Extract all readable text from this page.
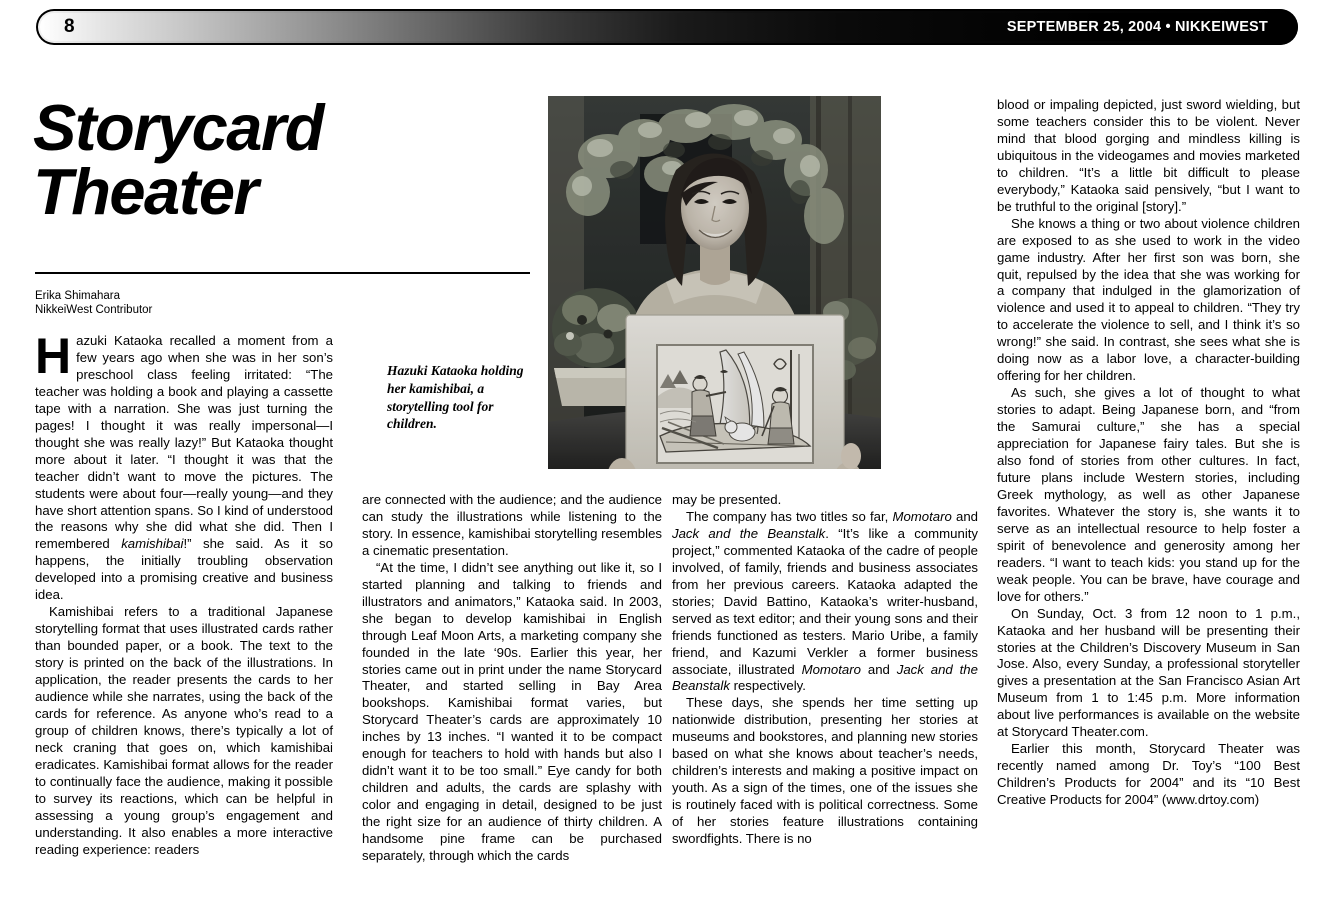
8	SEPTEMBER 25, 2004 • NIKKEIWEST
Storycard
Theater
Erika Shimahara
NikkeiWest Contributor
Hazuki Kataoka holding her kamishibai, a storytelling tool for children.

Hazuki Kataoka recalled a moment from a few years ago when she was in her son’s preschool class feeling irritated: “The teacher was holding a book and playing a cassette tape with a narration. She was just turning the pages! I thought it was really impersonal—I thought she was really lazy!” But Kataoka thought more about it later. “I thought it was that the teacher didn’t want to move the pictures. The students were about four—really young—and they have short attention spans. So I kind of understood the reasons why she did what she did. Then I remembered kamishibai!” she said. As it so happens, the initially troubling observation developed into a promising creative and business idea.

Kamishibai refers to a traditional Japanese storytelling format that uses illustrated cards rather than bounded paper, or a book. The text to the story is printed on the back of the illustrations. In application, the reader presents the cards to her audience while she narrates, using the back of the cards for reference. As anyone who’s read to a group of children knows, there’s typically a lot of neck craning that goes on, which kamishibai eradicates. Kamishibai format allows for the reader to continually face the audience, making it possible to survey its reactions, which can be helpful in assessing a young group’s engagement and understanding. It also enables a more interactive reading experience: readers

are connected with the audience; and the audience can study the illustrations while listening to the story. In essence, kamishibai storytelling resembles a cinematic presentation.

“At the time, I didn’t see anything out like it, so I started planning and talking to friends and illustrators and animators,” Kataoka said. In 2003, she began to develop kamishibai in English through Leaf Moon Arts, a marketing company she founded in the late ‘90s. Earlier this year, her stories came out in print under the name Storycard Theater, and started selling in Bay Area bookshops. Kamishibai format varies, but Storycard Theater’s cards are approximately 10 inches by 13 inches. “I wanted it to be compact enough for teachers to hold with hands but also I didn’t want it to be too small.” Eye candy for both children and adults, the cards are splashy with color and engaging in detail, designed to be just the right size for an audience of thirty children. A handsome pine frame can be purchased separately, through which the cards

may be presented.

The company has two titles so far, Momotaro and Jack and the Beanstalk. “It’s like a community project,” commented Kataoka of the cadre of people involved, of family, friends and business associates from her previous careers. Kataoka adapted the stories; David Battino, Kataoka’s writer-husband, served as text editor; and their young sons and their friends functioned as testers. Mario Uribe, a family friend, and Kazumi Verkler a former business associate, illustrated Momotaro and Jack and the Beanstalk respectively.

These days, she spends her time setting up nationwide distribution, presenting her stories at museums and bookstores, and planning new stories based on what she knows about teacher’s needs, children’s interests and making a positive impact on youth. As a sign of the times, one of the issues she is routinely faced with is political correctness. Some of her stories feature illustrations containing swordfights. There is no

blood or impaling depicted, just sword wielding, but some teachers consider this to be violent. Never mind that blood gorging and mindless killing is ubiquitous in the videogames and movies marketed to children. “It’s a little bit difficult to please everybody,” Kataoka said pensively, “but I want to be truthful to the original [story].”

She knows a thing or two about violence children are exposed to as she used to work in the video game industry. After her first son was born, she quit, repulsed by the idea that she was working for a company that indulged in the glamorization of violence and used it to appeal to children. “They try to accelerate the violence to sell, and I think it’s so wrong!” she said. In contrast, she sees what she is doing now as a labor love, a character-building offering for her children.

As such, she gives a lot of thought to what stories to adapt. Being Japanese born, and “from the Samurai culture,” she has a special appreciation for Japanese fairy tales. But she is also fond of stories from other cultures. In fact, future plans include Western stories, including Greek mythology, as well as other Japanese favorites. Whatever the story is, she wants it to serve as an intellectual resource to help foster a spirit of benevolence and generosity among her readers. “I want to teach kids: you stand up for the weak people. You can be brave, have courage and love for others.”

On Sunday, Oct. 3 from 12 noon to 1 p.m., Kataoka and her husband will be presenting their stories at the Children’s Discovery Museum in San Jose. Also, every Sunday, a professional storyteller gives a presentation at the San Francisco Asian Art Museum from 1 to 1:45 p.m. More information about live performances is available on the website at Storycard Theater.com.

Earlier this month, Storycard Theater was recently named among Dr. Toy’s “100 Best Children’s Products for 2004” and its “10 Best Creative Products for 2004” (www.drtoy.com)
